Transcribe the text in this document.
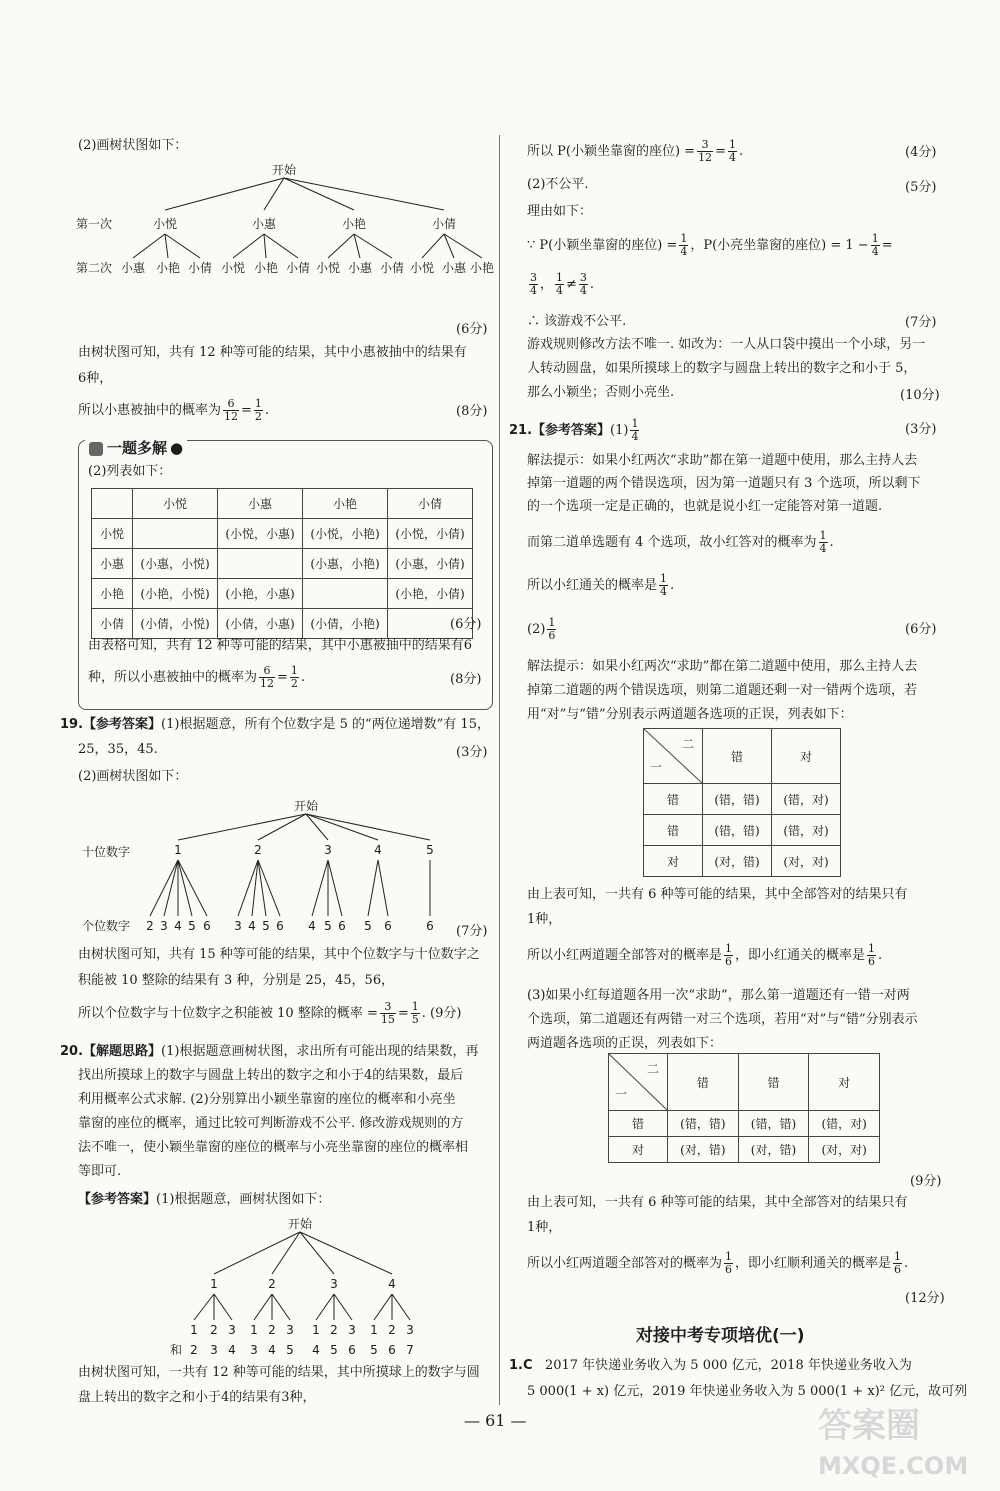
(2)画树状图如下：
开始
第一次	小悦	小惠	小艳	小倩
第二次 小惠 小艳 小倩 小悦 小艳 小倩 小悦 小惠 小倩 小悦 小惠 小艳
(6分)
由树状图可知，共有 12 种等可能的结果，其中小惠被抽中的结果有
6种，
所以小惠被抽中的概率为 $\frac{6}{12} = \frac{1}{2}$ .	(8分)
一题多解 ●
(2)列表如下：
	小悦	小惠	小艳	小倩
小悦		(小悦，小惠)	(小悦，小艳)	(小悦，小倩)
小惠	(小惠，小悦)		(小惠，小艳)	(小惠，小倩)
小艳	(小艳，小悦)	(小艳，小惠)		(小艳，小倩)
小倩	(小倩，小悦)	(小倩，小惠)	(小倩，小艳)		(6分)
由表格可知，共有 12 种等可能的结果，其中小惠被抽中的结果有6
种，所以小惠被抽中的概率为 $\frac{6}{12} = \frac{1}{2}$ .	(8分)
19.【参考答案】(1)根据题意，所有个位数字是 5 的“两位递增数”有 15，
25，35，45.	(3分)
(2)画树状图如下：
开始
十位数字	1	2	3	4	5
个位数字 2 3 4 5 6 3 4 5 6 4 5 6 5 6	6 (7分)
由树状图可知，共有 15 种等可能的结果，其中个位数字与十位数字之
积能被 10 整除的结果有 3 种，分别是 25，45，56，
所以个位数字与十位数字之积能被 10 整除的概率 = $\frac{3}{15} = \frac{1}{5}$ . (9分)
20.【解题思路】(1)根据题意画树状图，求出所有可能出现的结果数，再
找出所摸球上的数字与圆盘上转出的数字之和小于4的结果数，最后
利用概率公式求解. (2)分别算出小颖坐靠窗的座位的概率和小亮坐
靠窗的座位的概率，通过比较可判断游戏不公平. 修改游戏规则的方
法不唯一，使小颖坐靠窗的座位的概率与小亮坐靠窗的座位的概率相
等即可.
【参考答案】(1)根据题意，画树状图如下：
开始
1	2	3	4
1 2 3 1 2 3 1 2 3 1 2 3
和 2 3 4 3 4 5 4 5 6 5 6 7
由树状图可知，一共有 12 种等可能的结果，其中所摸球上的数字与圆
盘上转出的数字之和小于4的结果有3种，
所以 P(小颖坐靠窗的座位) = $\frac{3}{12} = \frac{1}{4}$ .	(4分)
(2)不公平.	(5分)
理由如下：
∵ P(小颖坐靠窗的座位) = $\frac{1}{4}$ ，P(小亮坐靠窗的座位) = $1 - \frac{1}{4}$ =
$\frac{3}{4}$ ， $\frac{1}{4} \ne \frac{3}{4}$ .
∴ 该游戏不公平.	(7分)
游戏规则修改方法不唯一. 如改为：一人从口袋中摸出一个小球，另一
人转动圆盘，如果所摸球上的数字与圆盘上转出的数字之和小于 5，
那么小颖坐；否则小亮坐.	(10分)
21.【参考答案】$(1) \frac{1}{4}$	(3分)
解法提示：如果小红两次“求助”都在第一道题中使用，那么主持人去
掉第一道题的两个错误选项，因为第一道题只有 3 个选项，所以剩下
的一个选项一定是正确的，也就是说小红一定能答对第一道题.
而第二道单选题有 4 个选项，故小红答对的概率为 $\frac{1}{4}$ .
所以小红通关的概率是 $\frac{1}{4}$ .
$(2) \frac{1}{6}$	(6分)
解法提示：如果小红两次“求助”都在第二道题中使用，那么主持人去
掉第二道题的两个错误选项，则第二道题还剩一对一错两个选项，若
用“对”与“错”分别表示两道题各选项的正误，列表如下：
二
一	错	对
错	(错，错)	(错，对)
错	(错，错)	(错，对)
对	(对，错)	(对，对)
由上表可知，一共有 6 种等可能的结果，其中全部答对的结果只有
1种，
所以小红两道题全部答对的概率是 $\frac{1}{6}$ ，即小红通关的概率是 $\frac{1}{6}$ .
(3)如果小红每道题各用一次“求助”，那么第一道题还有一错一对两
个选项，第二道题还有两错一对三个选项，若用“对”与“错”分别表示
两道题各选项的正误，列表如下：
二
一	错	错	对
错	(错，错)	(错，错)	(错，对)
对	(对，错)	(对，错)	(对，对)
(9分)
由上表可知，一共有 6 种等可能的结果，其中全部答对的结果只有
1种，
所以小红两道题全部答对的概率为 $\frac{1}{6}$ ，即小红顺利通关的概率是 $\frac{1}{6}$ .
(12分)
对接中考专项培优(一)
1.C 2017 年快递业务收入为 5 000 亿元，2018 年快递业务收入为
5 000(1 + x) 亿元，2019 年快递业务收入为 5 000(1 + x)² 亿元，故可列
— 61 —	答案圈
MXQE.COM
